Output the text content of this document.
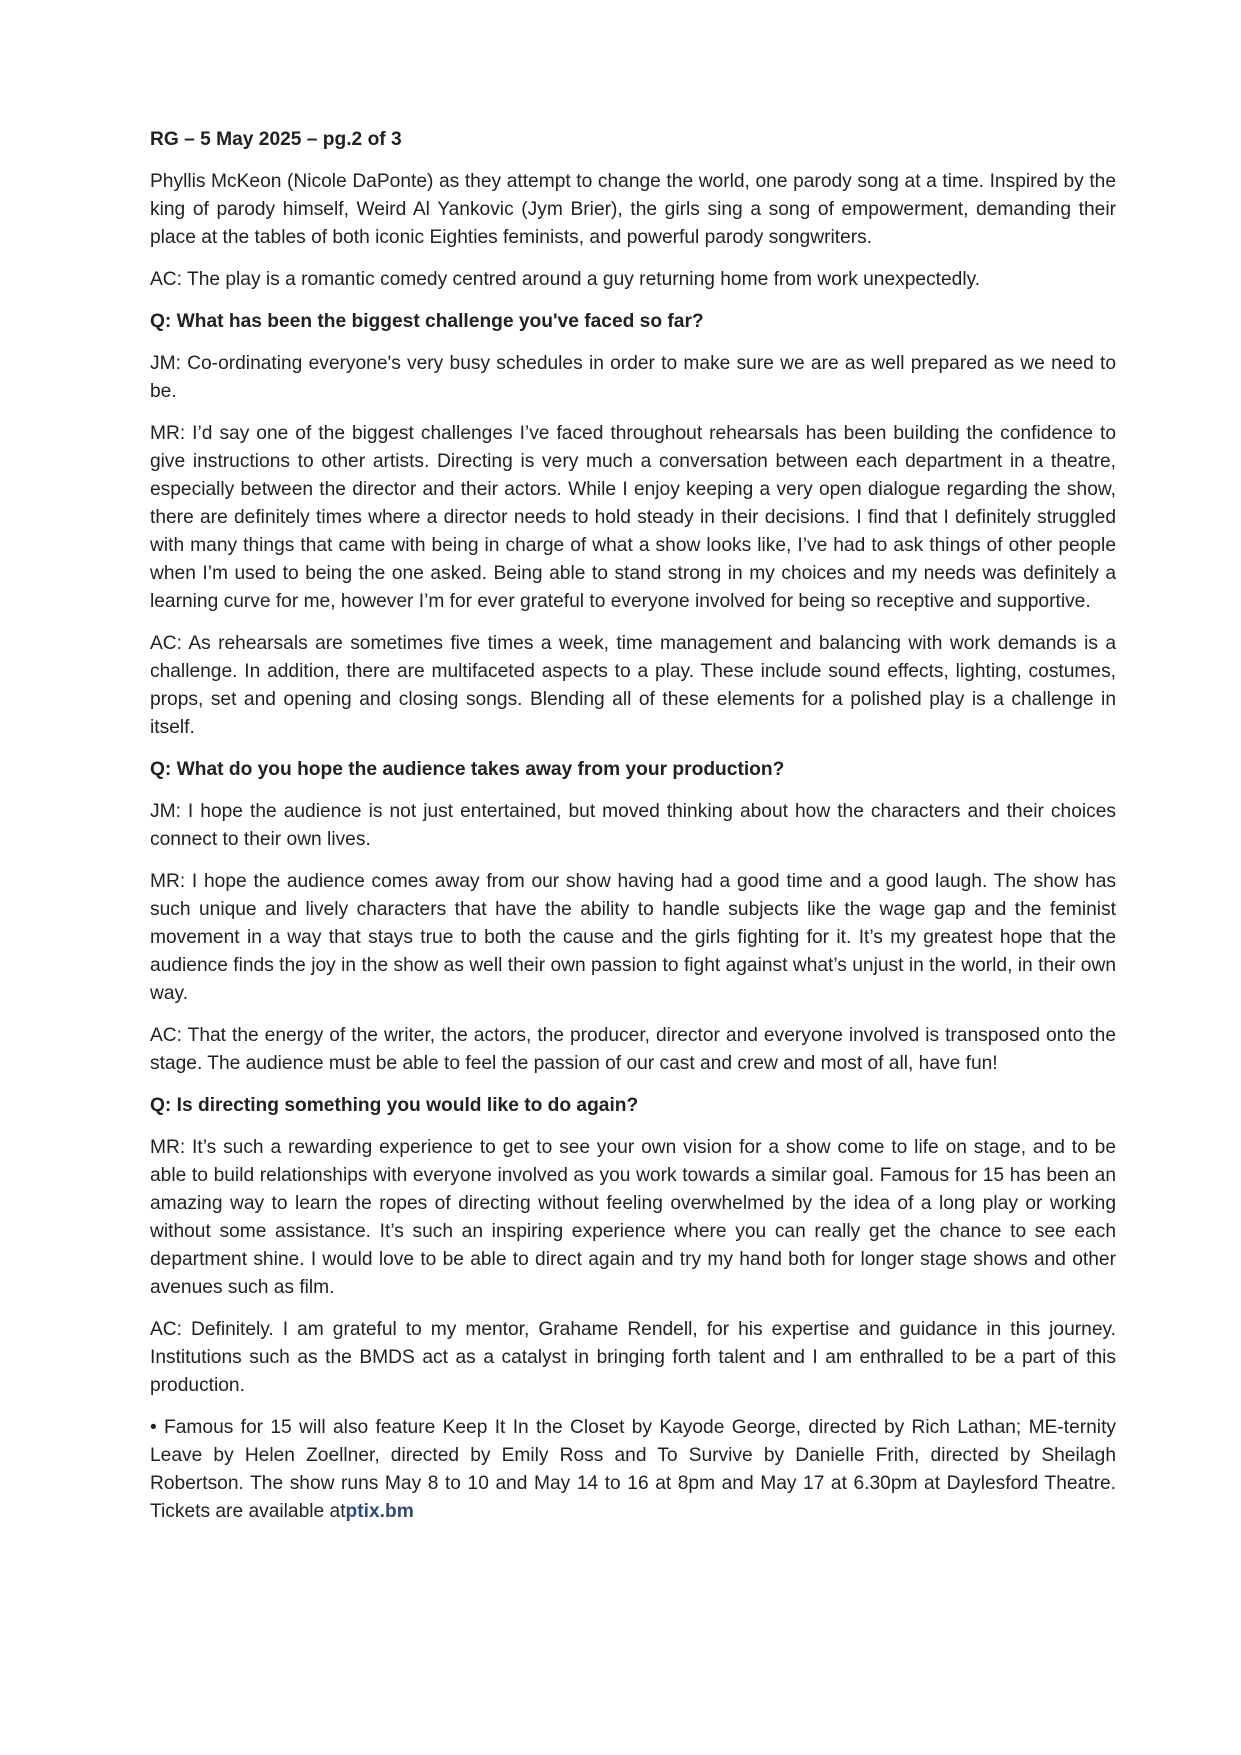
RG – 5 May 2025 – pg.2 of 3

Phyllis McKeon (Nicole DaPonte) as they attempt to change the world, one parody song at a time. Inspired by the king of parody himself, Weird Al Yankovic (Jym Brier), the girls sing a song of empowerment, demanding their place at the tables of both iconic Eighties feminists, and powerful parody songwriters.

AC: The play is a romantic comedy centred around a guy returning home from work unexpectedly.

Q: What has been the biggest challenge you've faced so far?

JM: Co-ordinating everyone's very busy schedules in order to make sure we are as well prepared as we need to be.

MR: I’d say one of the biggest challenges I’ve faced throughout rehearsals has been building the confidence to give instructions to other artists. Directing is very much a conversation between each department in a theatre, especially between the director and their actors. While I enjoy keeping a very open dialogue regarding the show, there are definitely times where a director needs to hold steady in their decisions. I find that I definitely struggled with many things that came with being in charge of what a show looks like, I’ve had to ask things of other people when I’m used to being the one asked. Being able to stand strong in my choices and my needs was definitely a learning curve for me, however I’m for ever grateful to everyone involved for being so receptive and supportive.

AC: As rehearsals are sometimes five times a week, time management and balancing with work demands is a challenge. In addition, there are multifaceted aspects to a play. These include sound effects, lighting, costumes, props, set and opening and closing songs. Blending all of these elements for a polished play is a challenge in itself.

Q: What do you hope the audience takes away from your production?

JM: I hope the audience is not just entertained, but moved thinking about how the characters and their choices connect to their own lives.

MR: I hope the audience comes away from our show having had a good time and a good laugh. The show has such unique and lively characters that have the ability to handle subjects like the wage gap and the feminist movement in a way that stays true to both the cause and the girls fighting for it. It’s my greatest hope that the audience finds the joy in the show as well their own passion to fight against what’s unjust in the world, in their own way.

AC: That the energy of the writer, the actors, the producer, director and everyone involved is transposed onto the stage. The audience must be able to feel the passion of our cast and crew and most of all, have fun!

Q: Is directing something you would like to do again?

MR: It’s such a rewarding experience to get to see your own vision for a show come to life on stage, and to be able to build relationships with everyone involved as you work towards a similar goal. Famous for 15 has been an amazing way to learn the ropes of directing without feeling overwhelmed by the idea of a long play or working without some assistance. It’s such an inspiring experience where you can really get the chance to see each department shine. I would love to be able to direct again and try my hand both for longer stage shows and other avenues such as film.

AC: Definitely. I am grateful to my mentor, Grahame Rendell, for his expertise and guidance in this journey. Institutions such as the BMDS act as a catalyst in bringing forth talent and I am enthralled to be a part of this production.

• Famous for 15 will also feature Keep It In the Closet by Kayode George, directed by Rich Lathan; ME-ternity Leave by Helen Zoellner, directed by Emily Ross and To Survive by Danielle Frith, directed by Sheilagh Robertson. The show runs May 8 to 10 and May 14 to 16 at 8pm and May 17 at 6.30pm at Daylesford Theatre. Tickets are available atptix.bm
